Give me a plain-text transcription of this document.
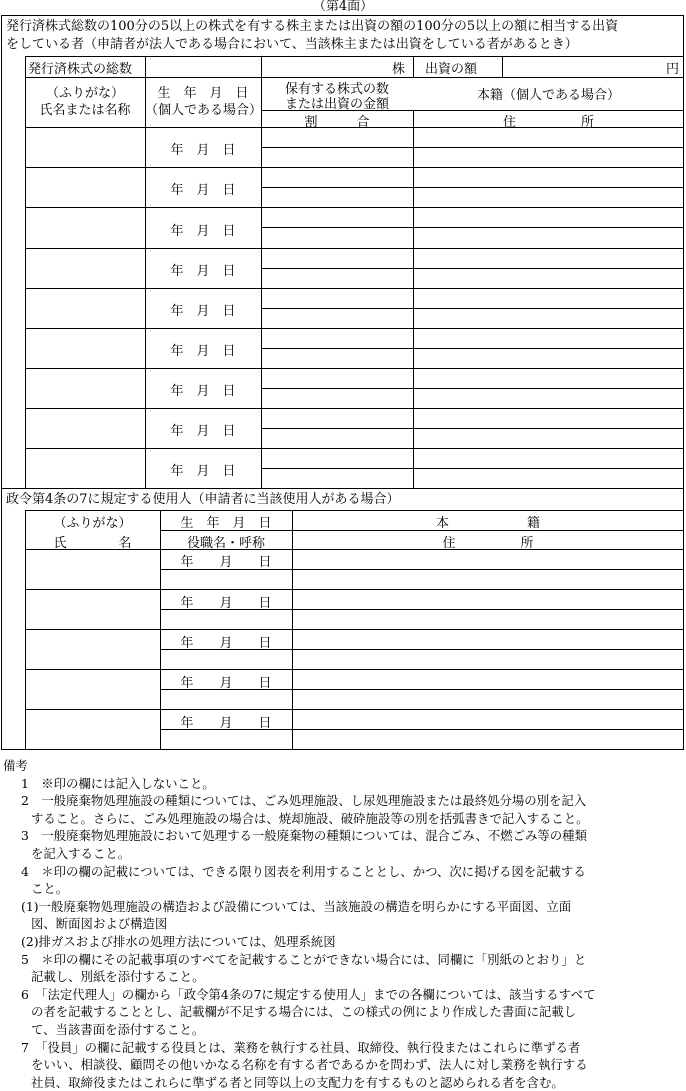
（第4面）
発行済株式総数の100分の5以上の株式を有する株主または出資の額の100分の5以上の額に相当する出資
をしている者（申請者が法人である場合において、当該株主または出資をしている者があるとき）
発行済株式の総数	株 出資の額	円
（ふりがな）
氏名または名称
生　年　月　日
（個人である場合）
保有する株式の数
または出資の金額
割　　　合
本籍（個人である場合）
住　　　　　所
年　月　日
年　月　日
年　月　日
年　月　日
年　月　日
年　月　日
年　月　日
年　月　日
年　月　日
政令第4条の7に規定する使用人（申請者に当該使用人がある場合）
（ふりがな）
氏　　　　名
生　年　月　日
役職名・呼称
本　　　　　　籍
住　　　　　所
年　　月　　日
年　　月　　日
年　　月　　日
年　　月　　日
年　　月　　日
備考
1　※印の欄には記入しないこと。
2　一般廃棄物処理施設の種類については、ごみ処理施設、し尿処理施設または最終処分場の別を記入
すること。さらに、ごみ処理施設の場合は、焼却施設、破砕施設等の別を括弧書きで記入すること。
3　一般廃棄物処理施設において処理する一般廃棄物の種類については、混合ごみ、不燃ごみ等の種類
を記入すること。
4　＊印の欄の記載については、できる限り図表を利用することとし、かつ、次に掲げる図を記載する
こと。
(1)一般廃棄物処理施設の構造および設備については、当該施設の構造を明らかにする平面図、立面
図、断面図および構造図
(2)排ガスおよび排水の処理方法については、処理系統図
5　＊印の欄にその記載事項のすべてを記載することができない場合には、同欄に「別紙のとおり」と
記載し、別紙を添付すること。
6　「法定代理人」の欄から「政令第4条の7に規定する使用人」までの各欄については、該当するすべて
の者を記載することとし、記載欄が不足する場合には、この様式の例により作成した書面に記載し
て、当該書面を添付すること。
7　「役員」の欄に記載する役員とは、業務を執行する社員、取締役、執行役またはこれらに準ずる者
をいい、相談役、顧問その他いかなる名称を有する者であるかを問わず、法人に対し業務を執行する
社員、取締役またはこれらに準ずる者と同等以上の支配力を有するものと認められる者を含む。
